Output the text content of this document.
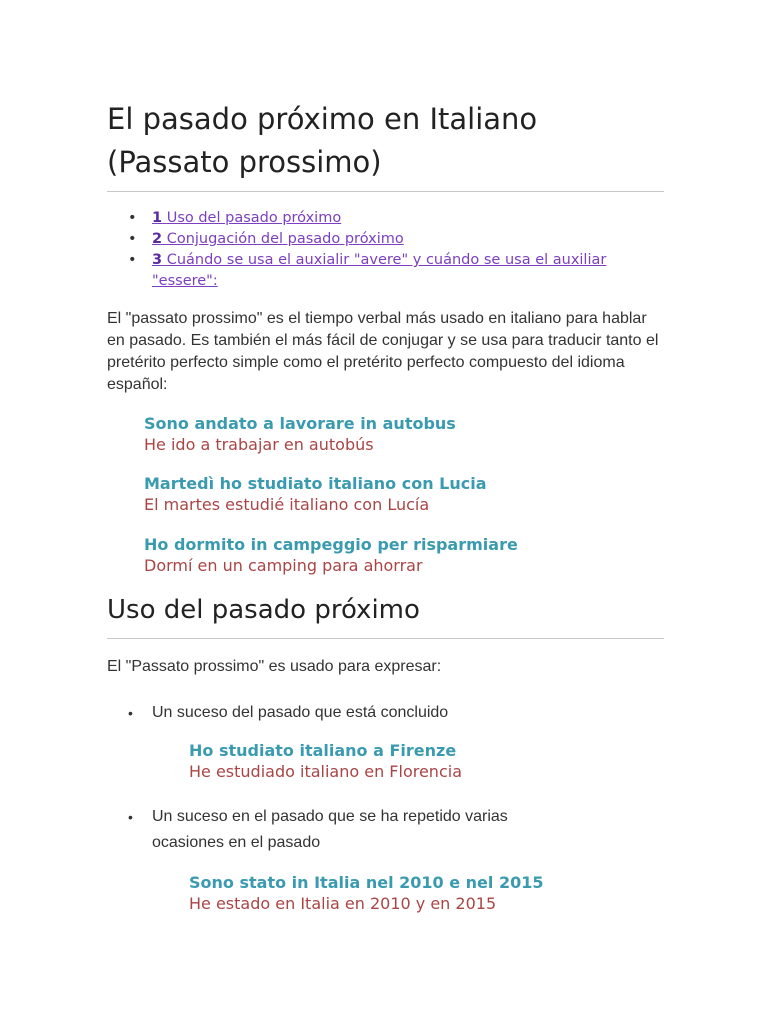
El pasado próximo en Italiano (Passato prossimo)
• 1 Uso del pasado próximo
• 2 Conjugación del pasado próximo
• 3 Cuándo se usa el auxialir "avere" y cuándo se usa el auxiliar "essere":

El "passato prossimo" es el tiempo verbal más usado en italiano para hablar en pasado. Es también el más fácil de conjugar y se usa para traducir tanto el pretérito perfecto simple como el pretérito perfecto compuesto del idioma español:

Sono andato a lavorare in autobus
He ido a trabajar en autobús
Martedì ho studiato italiano con Lucia
El martes estudié italiano con Lucía
Ho dormito in campeggio per risparmiare
Dormí en un camping para ahorrar
Uso del pasado próximo

El "Passato prossimo" es usado para expresar:

•	Un suceso del pasado que está concluido
Ho studiato italiano a Firenze
He estudiado italiano en Florencia
•	Un suceso en el pasado que se ha repetido varias ocasiones en el pasado
Sono stato in Italia nel 2010 e nel 2015
He estado en Italia en 2010 y en 2015
